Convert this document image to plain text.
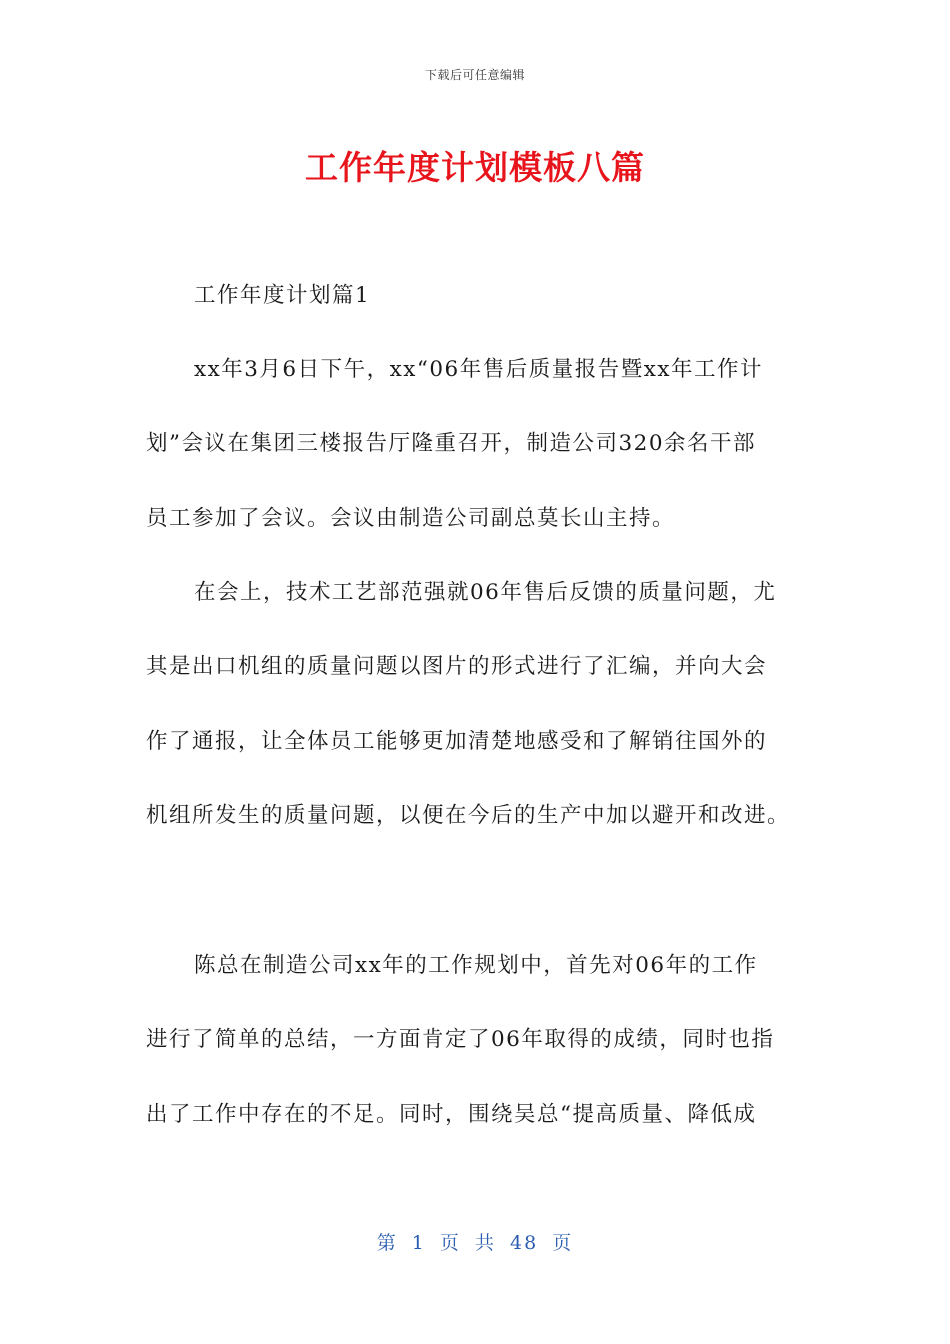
下载后可任意编辑
工作年度计划模板八篇
工作年度计划篇1
xx年3月6日下午，xx“06年售后质量报告暨xx年工作计
划”会议在集团三楼报告厅隆重召开，制造公司320余名干部
员工参加了会议。会议由制造公司副总莫长山主持。
在会上，技术工艺部范强就06年售后反馈的质量问题，尤
其是出口机组的质量问题以图片的形式进行了汇编，并向大会
作了通报，让全体员工能够更加清楚地感受和了解销往国外的
机组所发生的质量问题，以便在今后的生产中加以避开和改进。
陈总在制造公司xx年的工作规划中，首先对06年的工作
进行了简单的总结，一方面肯定了06年取得的成绩，同时也指
出了工作中存在的不足。同时，围绕吴总“提高质量、降低成
第 1 页 共 48 页
